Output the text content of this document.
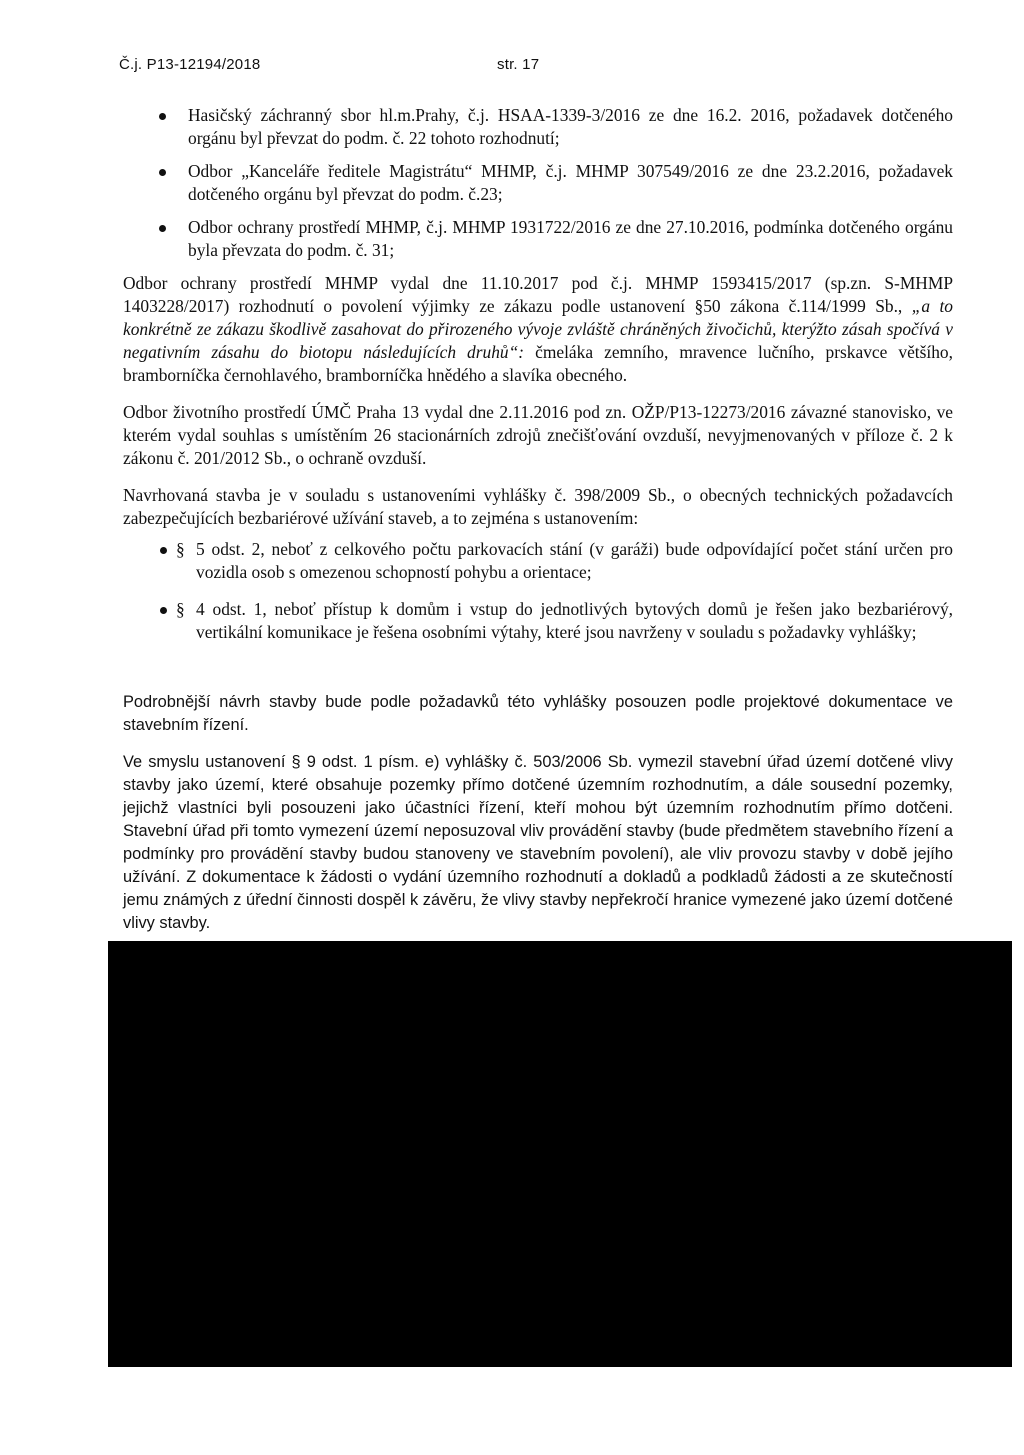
Č.j. P13-12194/2018	str. 17
Hasičský záchranný sbor hl.m.Prahy, č.j. HSAA-1339-3/2016 ze dne 16.2. 2016, požadavek dotčeného orgánu byl převzat do podm. č. 22 tohoto rozhodnutí;
Odbor „Kanceláře ředitele Magistrátu“ MHMP, č.j. MHMP 307549/2016 ze dne 23.2.2016, požadavek dotčeného orgánu byl převzat do podm. č.23;
Odbor ochrany prostředí MHMP, č.j. MHMP 1931722/2016 ze dne 27.10.2016, podmínka dotčeného orgánu byla převzata do podm. č. 31;

Odbor ochrany prostředí MHMP vydal dne 11.10.2017 pod č.j. MHMP 1593415/2017 (sp.zn. S-MHMP 1403228/2017) rozhodnutí o povolení výjimky ze zákazu podle ustanovení §50 zákona č.114/1999 Sb., „a to konkrétně ze zákazu škodlivě zasahovat do přirozeného vývoje zvláště chráněných živočichů, kterýžto zásah spočívá v negativním zásahu do biotopu následujících druhů“: čmeláka zemního, mravence lučního, prskavce většího, bramborníčka černohlavého, bramborníčka hnědého a slavíka obecného.

Odbor životního prostředí ÚMČ Praha 13 vydal dne 2.11.2016 pod zn. OŽP/P13-12273/2016 závazné stanovisko, ve kterém vydal souhlas s umístěním 26 stacionárních zdrojů znečišťování ovzduší, nevyjmenovaných v příloze č. 2 k zákonu č. 201/2012 Sb., o ochraně ovzduší.

Navrhovaná stavba je v souladu s ustanoveními vyhlášky č. 398/2009 Sb., o obecných technických požadavcích zabezpečujících bezbariérové užívání staveb, a to zejména s ustanovením:

§ 5 odst. 2, neboť z celkového počtu parkovacích stání (v garáži) bude odpovídající počet stání určen pro vozidla osob s omezenou schopností pohybu a orientace;
§ 4 odst. 1, neboť přístup k domům i vstup do jednotlivých bytových domů je řešen jako bezbariérový, vertikální komunikace je řešena osobními výtahy, které jsou navrženy v souladu s požadavky vyhlášky;

Podrobnější návrh stavby bude podle požadavků této vyhlášky posouzen podle projektové dokumentace ve stavebním řízení.

Ve smyslu ustanovení § 9 odst. 1 písm. e) vyhlášky č. 503/2006 Sb. vymezil stavební úřad území dotčené vlivy stavby jako území, které obsahuje pozemky přímo dotčené územním rozhodnutím, a dále sousední pozemky, jejichž vlastníci byli posouzeni jako účastníci řízení, kteří mohou být územním rozhodnutím přímo dotčeni. Stavební úřad při tomto vymezení území neposuzoval vliv provádění stavby (bude předmětem stavebního řízení a podmínky pro provádění stavby budou stanoveny ve stavebním povolení), ale vliv provozu stavby v době jejího užívání. Z dokumentace k žádosti o vydání územního rozhodnutí a dokladů a podkladů žádosti a ze skutečností jemu známých z úřední činnosti dospěl k závěru, že vlivy stavby nepřekročí hranice vymezené jako území dotčené vlivy stavby.
